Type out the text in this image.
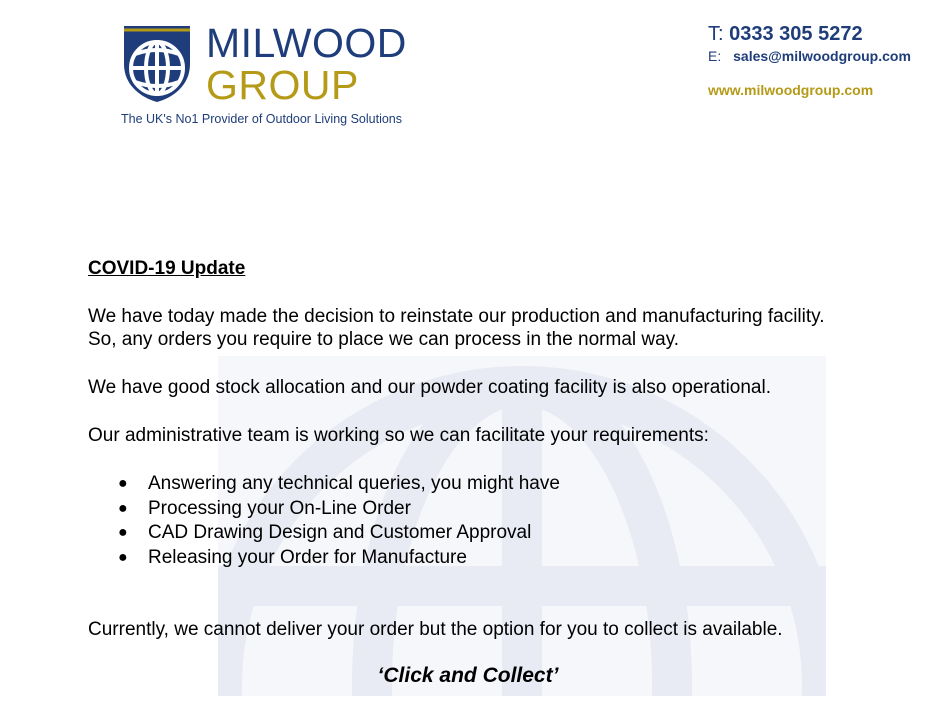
MILWOOD
GROUP
The UK's No1 Provider of Outdoor Living Solutions
T: 0333 305 5272
E: sales@milwoodgroup.com
www.milwoodgroup.com

COVID-19 Update

We have today made the decision to reinstate our production and manufacturing facility. So, any orders you require to place we can process in the normal way.

We have good stock allocation and our powder coating facility is also operational.

Our administrative team is working so we can facilitate your requirements:

● Answering any technical queries, you might have
● Processing your On-Line Order
● CAD Drawing Design and Customer Approval
● Releasing your Order for Manufacture

Currently, we cannot deliver your order but the option for you to collect is available.

‘Click and Collect’
